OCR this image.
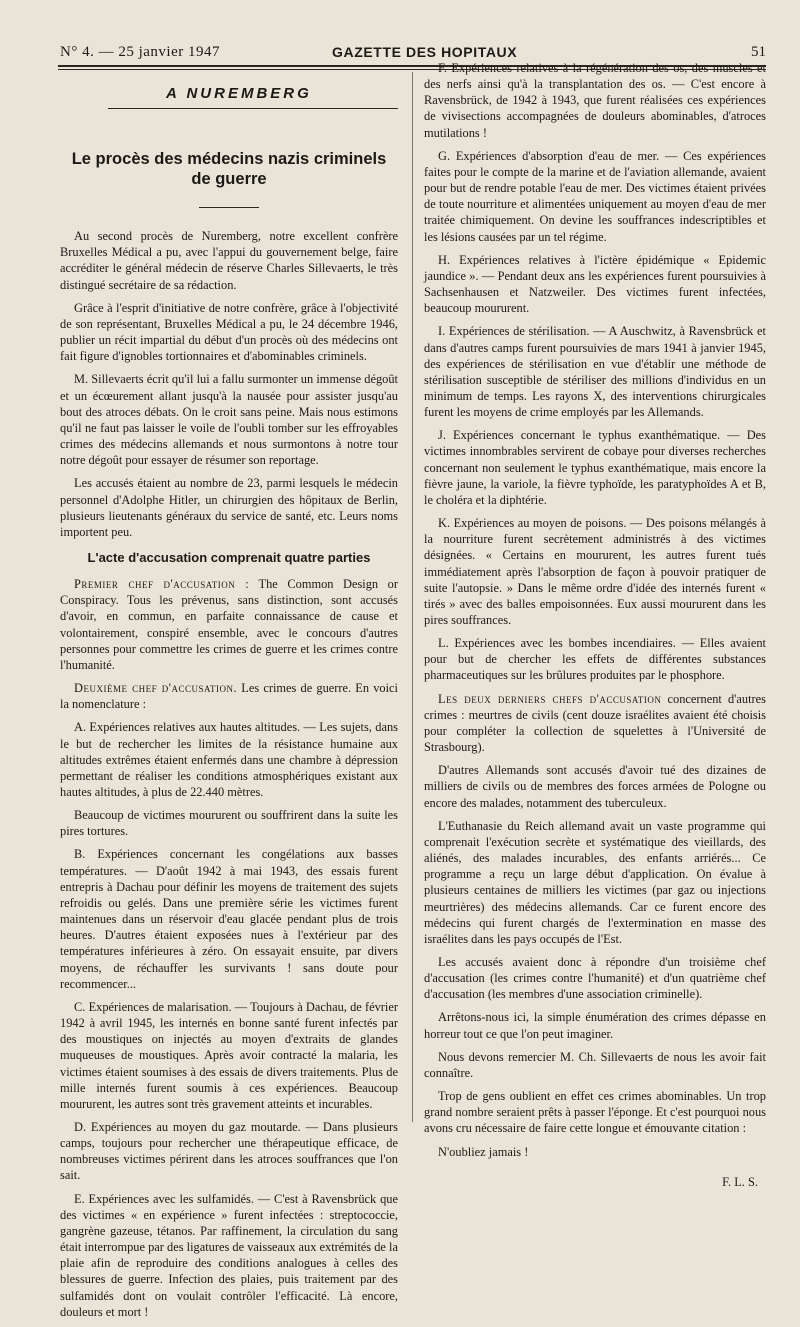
N° 4. — 25 janvier 1947	GAZETTE DES HOPITAUX	51
A NUREMBERG
Le procès des médecins nazis criminels de guerre

Au second procès de Nuremberg, notre excellent confrère Bruxelles Médical a pu, avec l'appui du gouvernement belge, faire accréditer le général médecin de réserve Charles Sillevaerts, le très distingué secrétaire de sa rédaction.

Grâce à l'esprit d'initiative de notre confrère, grâce à l'objectivité de son représentant, Bruxelles Médical a pu, le 24 décembre 1946, publier un récit impartial du début d'un procès où des médecins ont fait figure d'ignobles tortionnaires et d'abominables criminels.

M. Sillevaerts écrit qu'il lui a fallu surmonter un immense dégoût et un écœurement allant jusqu'à la nausée pour assister jusqu'au bout des atroces débats. On le croit sans peine. Mais nous estimons qu'il ne faut pas laisser le voile de l'oubli tomber sur les effroyables crimes des médecins allemands et nous surmontons à notre tour notre dégoût pour essayer de résumer son reportage.

Les accusés étaient au nombre de 23, parmi lesquels le médecin personnel d'Adolphe Hitler, un chirurgien des hôpitaux de Berlin, plusieurs lieutenants généraux du service de santé, etc. Leurs noms importent peu.

L'acte d'accusation comprenait quatre parties

Premier chef d'accusation : The Common Design or Conspiracy. Tous les prévenus, sans distinction, sont accusés d'avoir, en commun, en parfaite connaissance de cause et volontairement, conspiré ensemble, avec le concours d'autres personnes pour commettre les crimes de guerre et les crimes contre l'humanité.

Deuxième chef d'accusation. Les crimes de guerre. En voici la nomenclature :

A. Expériences relatives aux hautes altitudes. — Les sujets, dans le but de rechercher les limites de la résistance humaine aux altitudes extrêmes étaient enfermés dans une chambre à dépression permettant de réaliser les conditions atmosphériques existant aux hautes altitudes, à plus de 22.440 mètres.

Beaucoup de victimes moururent ou souffrirent dans la suite les pires tortures.

B. Expériences concernant les congélations aux basses températures. — D'août 1942 à mai 1943, des essais furent entrepris à Dachau pour définir les moyens de traitement des sujets refroidis ou gelés. Dans une première série les victimes furent maintenues dans un réservoir d'eau glacée pendant plus de trois heures. D'autres étaient exposées nues à l'extérieur par des températures inférieures à zéro. On essayait ensuite, par divers moyens, de réchauffer les survivants ! sans doute pour recommencer...

C. Expériences de malarisation. — Toujours à Dachau, de février 1942 à avril 1945, les internés en bonne santé furent infectés par des moustiques on injectés au moyen d'extraits de glandes muqueuses de moustiques. Après avoir contracté la malaria, les victimes étaient soumises à des essais de divers traitements. Plus de mille internés furent soumis à ces expériences. Beaucoup moururent, les autres sont très gravement atteints et incurables.

D. Expériences au moyen du gaz moutarde. — Dans plusieurs camps, toujours pour rechercher une thérapeutique efficace, de nombreuses victimes périrent dans les atroces souffrances que l'on sait.

E. Expériences avec les sulfamidés. — C'est à Ravensbrück que des victimes « en expérience » furent infectées : streptococcie, gangrène gazeuse, tétanos. Par raffinement, la circulation du sang était interrompue par des ligatures de vaisseaux aux extrémités de la plaie afin de reproduire des conditions analogues à celles des blessures de guerre. Infection des plaies, puis traitement par des sulfamidés dont on voulait contrôler l'efficacité. Là encore, douleurs et mort !

F. Expériences relatives à la régénération des os, des muscles et des nerfs ainsi qu'à la transplantation des os. — C'est encore à Ravensbrück, de 1942 à 1943, que furent réalisées ces expériences de vivisections accompagnées de douleurs abominables, d'atroces mutilations !

G. Expériences d'absorption d'eau de mer. — Ces expériences faites pour le compte de la marine et de l'aviation allemande, avaient pour but de rendre potable l'eau de mer. Des victimes étaient privées de toute nourriture et alimentées uniquement au moyen d'eau de mer traitée chimiquement. On devine les souffrances indescriptibles et les lésions causées par un tel régime.

H. Expériences relatives à l'ictère épidémique « Epidemic jaundice ». — Pendant deux ans les expériences furent poursuivies à Sachsenhausen et Natzweiler. Des victimes furent infectées, beaucoup moururent.

I. Expériences de stérilisation. — A Auschwitz, à Ravensbrück et dans d'autres camps furent poursuivies de mars 1941 à janvier 1945, des expériences de stérilisation en vue d'établir une méthode de stérilisation susceptible de stériliser des millions d'individus en un minimum de temps. Les rayons X, des interventions chirurgicales furent les moyens de crime employés par les Allemands.

J. Expériences concernant le typhus exanthématique. — Des victimes innombrables servirent de cobaye pour diverses recherches concernant non seulement le typhus exanthématique, mais encore la fièvre jaune, la variole, la fièvre typhoïde, les paratyphoïdes A et B, le choléra et la diphtérie.

K. Expériences au moyen de poisons. — Des poisons mélangés à la nourriture furent secrètement administrés à des victimes désignées. « Certains en moururent, les autres furent tués immédiatement après l'absorption de façon à pouvoir pratiquer de suite l'autopsie. » Dans le même ordre d'idée des internés furent « tirés » avec des balles empoisonnées. Eux aussi moururent dans les pires souffrances.

L. Expériences avec les bombes incendiaires. — Elles avaient pour but de chercher les effets de différentes substances pharmaceutiques sur les brûlures produites par le phosphore.

Les deux derniers chefs d'accusation concernent d'autres crimes : meurtres de civils (cent douze israélites avaient été choisis pour compléter la collection de squelettes à l'Université de Strasbourg).

D'autres Allemands sont accusés d'avoir tué des dizaines de milliers de civils ou de membres des forces armées de Pologne ou encore des malades, notamment des tuberculeux.

L'Euthanasie du Reich allemand avait un vaste programme qui comprenait l'exécution secrète et systématique des vieillards, des aliénés, des malades incurables, des enfants arriérés... Ce programme a reçu un large début d'application. On évalue à plusieurs centaines de milliers les victimes (par gaz ou injections meurtrières) des médecins allemands. Car ce furent encore des médecins qui furent chargés de l'extermination en masse des israélites dans les pays occupés de l'Est.

Les accusés avaient donc à répondre d'un troisième chef d'accusation (les crimes contre l'humanité) et d'un quatrième chef d'accusation (les membres d'une association criminelle).

Arrêtons-nous ici, la simple énumération des crimes dépasse en horreur tout ce que l'on peut imaginer.

Nous devons remercier M. Ch. Sillevaerts de nous les avoir fait connaître.

Trop de gens oublient en effet ces crimes abominables. Un trop grand nombre seraient prêts à passer l'éponge. Et c'est pourquoi nous avons cru nécessaire de faire cette longue et émouvante citation :

N'oubliez jamais !

F. L. S.
